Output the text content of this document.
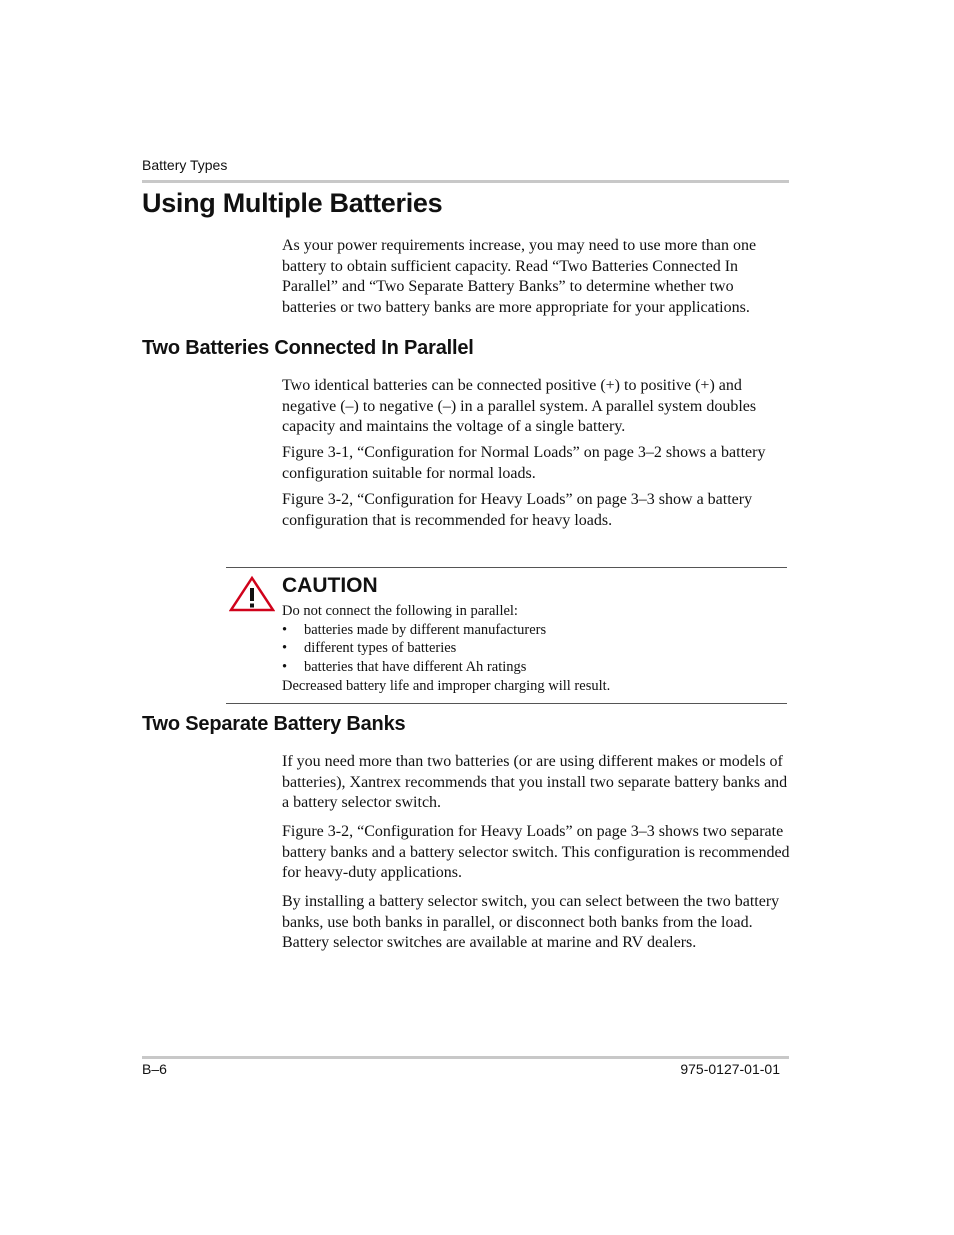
Battery Types
Using Multiple Batteries

As your power requirements increase, you may need to use more than one battery to obtain sufficient capacity. Read “Two Batteries Connected In Parallel” and “Two Separate Battery Banks” to determine whether two batteries or two battery banks are more appropriate for your applications.

Two Batteries Connected In Parallel

Two identical batteries can be connected positive (+) to positive (+) and negative (–) to negative (–) in a parallel system. A parallel system doubles capacity and maintains the voltage of a single battery.

Figure 3-1, “Configuration for Normal Loads” on page 3–2 shows a battery configuration suitable for normal loads.

Figure 3-2, “Configuration for Heavy Loads” on page 3–3 show a battery configuration that is recommended for heavy loads.

CAUTION
Do not connect the following in parallel:
• batteries made by different manufacturers
• different types of batteries
• batteries that have different Ah ratings
Decreased battery life and improper charging will result.
Two Separate Battery Banks

If you need more than two batteries (or are using different makes or models of batteries), Xantrex recommends that you install two separate battery banks and a battery selector switch.

Figure 3-2, “Configuration for Heavy Loads” on page 3–3 shows two separate battery banks and a battery selector switch. This configuration is recommended for heavy-duty applications.

By installing a battery selector switch, you can select between the two battery banks, use both banks in parallel, or disconnect both banks from the load. Battery selector switches are available at marine and RV dealers.

B–6	975-0127-01-01
